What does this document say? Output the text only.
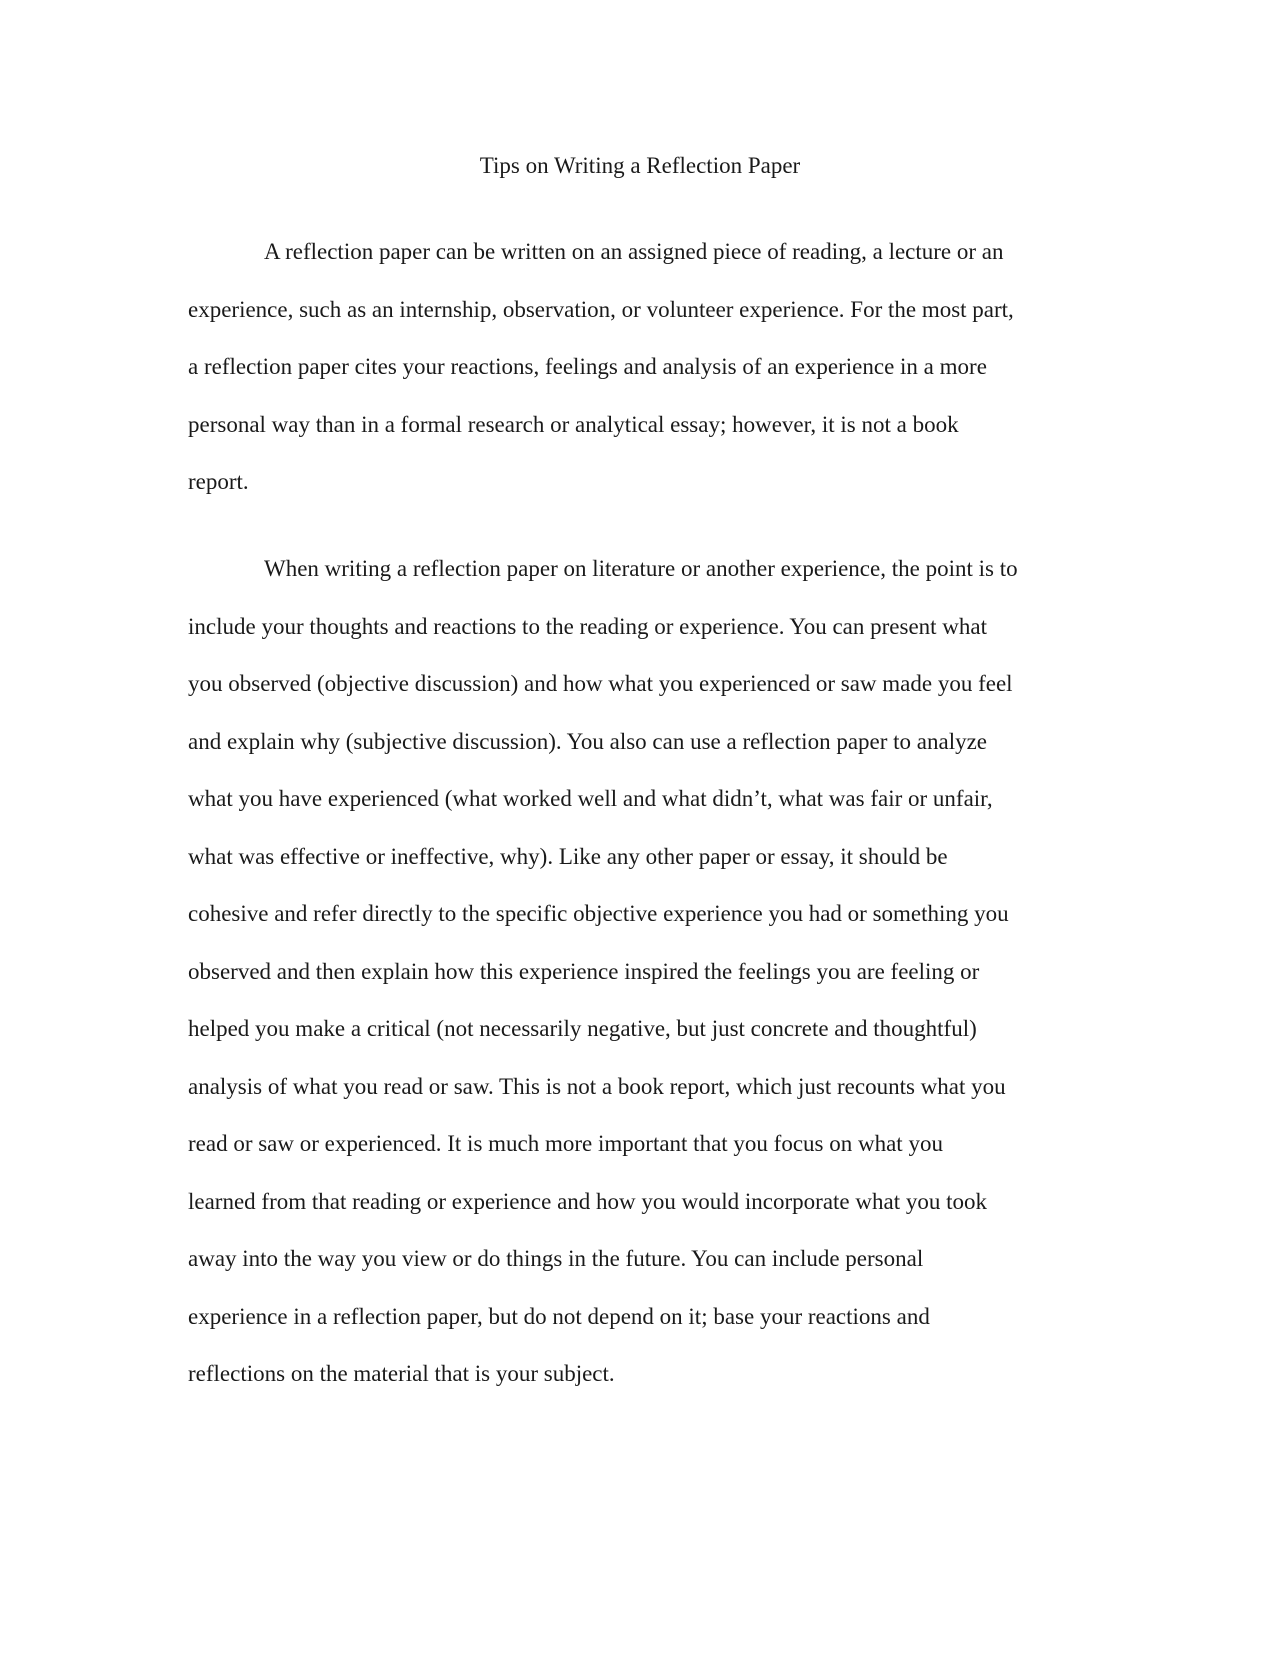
Tips on Writing a Reflection Paper
A reflection paper can be written on an assigned piece of reading, a lecture or an
experience, such as an internship, observation, or volunteer experience. For the most part,
a reflection paper cites your reactions, feelings and analysis of an experience in a more
personal way than in a formal research or analytical essay; however, it is not a book
report.
When writing a reflection paper on literature or another experience, the point is to
include your thoughts and reactions to the reading or experience. You can present what
you observed (objective discussion) and how what you experienced or saw made you feel
and explain why (subjective discussion). You also can use a reflection paper to analyze
what you have experienced (what worked well and what didn’t, what was fair or unfair,
what was effective or ineffective, why). Like any other paper or essay, it should be
cohesive and refer directly to the specific objective experience you had or something you
observed and then explain how this experience inspired the feelings you are feeling or
helped you make a critical (not necessarily negative, but just concrete and thoughtful)
analysis of what you read or saw. This is not a book report, which just recounts what you
read or saw or experienced. It is much more important that you focus on what you
learned from that reading or experience and how you would incorporate what you took
away into the way you view or do things in the future. You can include personal
experience in a reflection paper, but do not depend on it; base your reactions and
reflections on the material that is your subject.
